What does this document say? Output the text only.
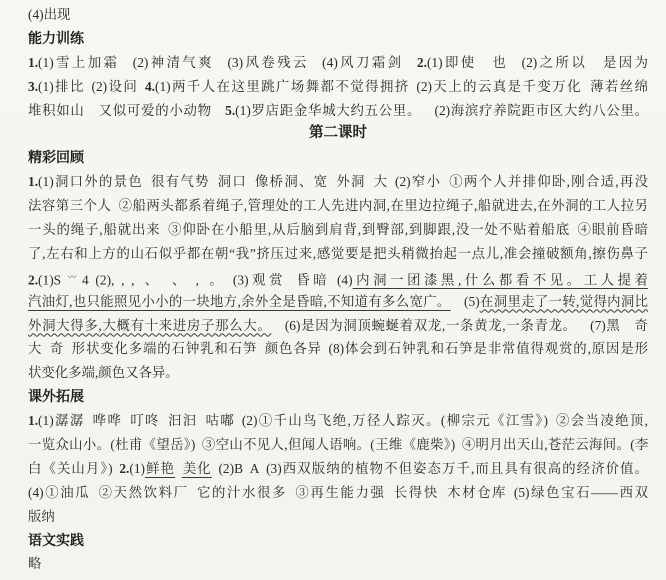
(4)出现
能力训练
1.(1)雪上加霜  (2)神清气爽  (3)风卷残云  (4)风刀霜剑  2.(1)即使  也  (2)之所以  是因为
3.(1)排比 (2)设问 4.(1)两千人在这里跳广场舞都不觉得拥挤 (2)天上的云真是千变万化 薄若丝绵
堆积如山  又似可爱的小动物  5.(1)罗店距金华城大约五公里。  (2)海滨疗养院距市区大约八公里。
第二课时
精彩回顾
1.(1)洞口外的景色 很有气势 洞口 像桥洞、宽 外洞 大 (2)窄小 ①两个人并排仰卧,刚合适,再没
法容第三个人 ②船两头都系着绳子,管理处的工人先进内洞,在里边拉绳子,船就进去,在外洞的工人拉另
一头的绳子,船就出来 ③仰卧在小船里,从后脑到肩背,到臀部,到脚跟,没一处不贴着船底 ④眼前昏暗
了,左右和上方的山石似乎都在朝“我”挤压过来,感觉要是把头稍微抬起一点儿,准会撞破额角,擦伤鼻子
2.(1)S 〰 4 (2), , , 、 、 , 。 (3)观赏 昏暗 (4)内洞一团漆黑,什么都看不见。工人提着
汽油灯,也只能照见小小的一块地方,余外全是昏暗,不知道有多么宽广。  (5)在洞里走了一转,觉得内洞比
外洞大得多,大概有十来进房子那么大。  (6)是因为洞顶蜿蜒着双龙,一条黄龙,一条青龙。  (7)黑  奇
大 奇 形状变化多端的石钟乳和石笋 颜色各异 (8)体会到石钟乳和石笋是非常值得观赏的,原因是形
状变化多端,颜色又各异。
课外拓展
1.(1)潺潺 哗哗 叮咚 汩汩 咕嘟 (2)①千山鸟飞绝,万径人踪灭。(柳宗元《江雪》) ②会当凌绝顶,
一览众山小。(杜甫《望岳》) ③空山不见人,但闻人语响。(王维《鹿柴》) ④明月出天山,苍茫云海间。(李
白《关山月》) 2.(1)鲜艳  美化 (2)B A (3)西双版纳的植物不但姿态万千,而且具有很高的经济价值。
(4)①油瓜 ②天然饮料厂 它的汁水很多 ③再生能力强 长得快 木材仓库 (5)绿色宝石——西双
版纳
语文实践
略
